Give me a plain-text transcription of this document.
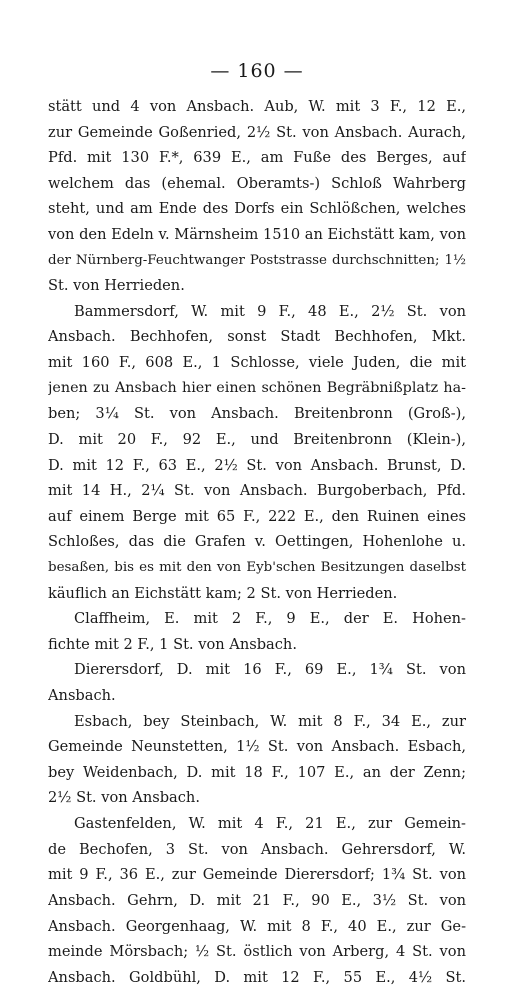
— 160 —
stätt und 4 von Ansbach. Aub, W. mit 3 F., 12 E.,
zur Gemeinde Goßenried, 2½ St. von Ansbach. Aurach,
Pfd. mit 130 F.*, 639 E., am Fuße des Berges, auf
welchem das (ehemal. Oberamts-) Schloß Wahrberg
steht, und am Ende des Dorfs ein Schlößchen, welches
von den Edeln v. Märnsheim 1510 an Eichstätt kam, von
der Nürnberg-Feuchtwanger Poststrasse durchschnitten; 1½
St. von Herrieden.
Bammersdorf, W. mit 9 F., 48 E., 2½ St. von
Ansbach. Bechhofen, sonst Stadt Bechhofen, Mkt.
mit 160 F., 608 E., 1 Schlosse, viele Juden, die mit
jenen zu Ansbach hier einen schönen Begräbnißplatz ha-
ben; 3¼ St. von Ansbach. Breitenbronn (Groß-),
D. mit 20 F., 92 E., und Breitenbronn (Klein-),
D. mit 12 F., 63 E., 2½ St. von Ansbach. Brunst, D.
mit 14 H., 2¼ St. von Ansbach. Burgoberbach, Pfd.
auf einem Berge mit 65 F., 222 E., den Ruinen eines
Schloßes, das die Grafen v. Oettingen, Hohenlohe u.
besaßen, bis es mit den von Eyb'schen Besitzungen daselbst
käuflich an Eichstätt kam; 2 St. von Herrieden.
Claffheim, E. mit 2 F., 9 E., der E. Hohen-
fichte mit 2 F., 1 St. von Ansbach.
Dierersdorf, D. mit 16 F., 69 E., 1¾ St. von
Ansbach.
Esbach, bey Steinbach, W. mit 8 F., 34 E., zur
Gemeinde Neunstetten, 1½ St. von Ansbach. Esbach,
bey Weidenbach, D. mit 18 F., 107 E., an der Zenn;
2½ St. von Ansbach.
Gastenfelden, W. mit 4 F., 21 E., zur Gemein-
de Bechofen, 3 St. von Ansbach. Gehrersdorf, W.
mit 9 F., 36 E., zur Gemeinde Dierersdorf; 1¾ St. von
Ansbach. Gehrn, D. mit 21 F., 90 E., 3½ St. von
Ansbach. Georgenhaag, W. mit 8 F., 40 E., zur Ge-
meinde Mörsbach; ½ St. östlich von Arberg, 4 St. von
Ansbach. Goldbühl, D. mit 12 F., 55 E., 4½ St.
